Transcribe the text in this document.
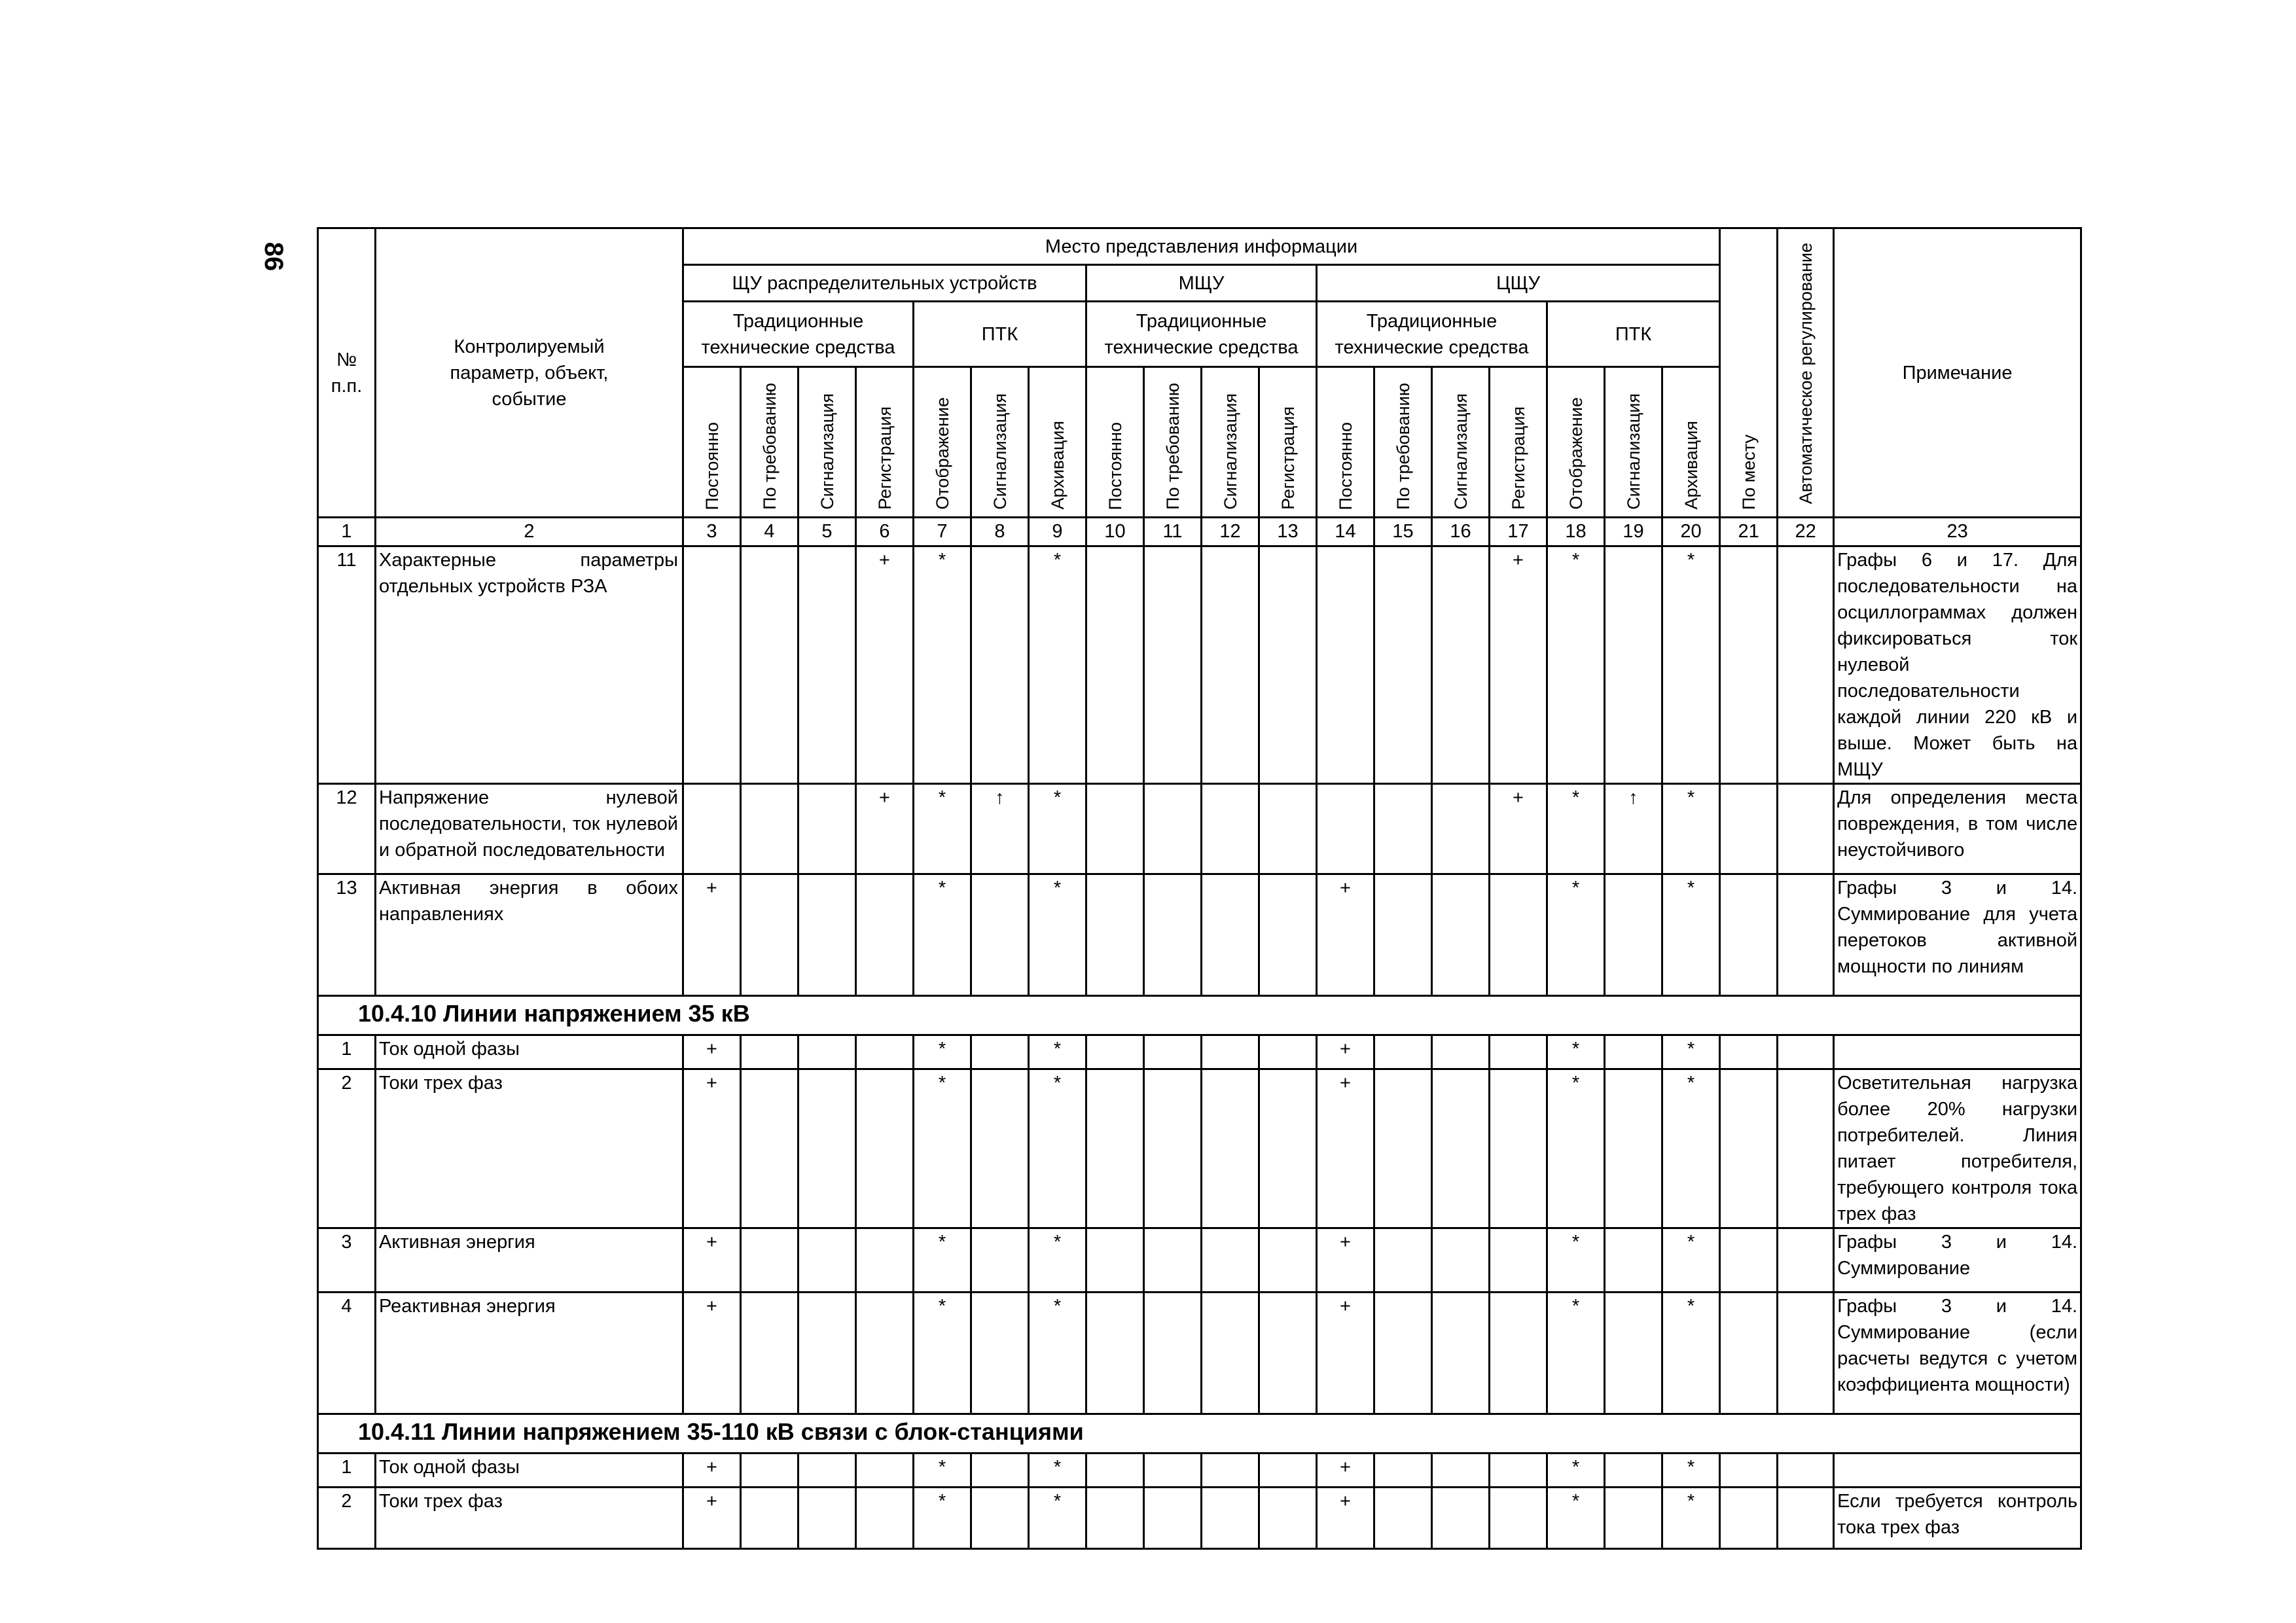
86
№
п.п.	Контролируемый параметр, объект, событие	Место представления информации																		По месту	Автоматическое регулирование	Примечание
		ЩУ распределительных устройств							МЩУ				ЦЩУ									
		Традиционные технические средства				ПТК			Традиционные технические средства				Традиционные технические средства				ПТК					

		Постоянно	По требованию	Сигнализация	Регистрация	Отображение	Сигнализация	Архивация	Постоянно	По требованию	Сигнализация	Регистрация	Постоянно	По требованию	Сигнализация	Регистрация	Отображение	Сигнализация	Архивация			

1	2	3	4	5	6	7	8	9	10	11	12	13	14	15	16	17	18	19	20	21	22	23
11	Характерные параметры отдельных устройств РЗА				+	*		*								+	*		*			Графы 6 и 17. Для последовательности на осциллограммах должен фиксироваться ток нулевой последовательности каждой линии 220 кВ и выше. Может быть на МЩУ
12	Напряжение нулевой последовательности, ток нулевой и обратной последовательности				+	*	↑	*								+	*	↑	*			Для определения места повреждения, в том числе неустойчивого
13	Активная энергия в обоих направлениях	+				*		*					+				*		*			Графы 3 и 14. Суммирование для учета перетоков активной мощности по линиям
10.4.10 Линии напряжением 35 кВ																						
1	Ток одной фазы	+				*		*					+				*		*			
2	Токи трех фаз	+				*		*					+				*		*			Осветительная нагрузка более 20% нагрузки потребителей. Линия питает потребителя, требующего контроля тока трех фаз
3	Активная энергия	+				*		*					+				*		*			Графы 3 и 14. Суммирование
4	Реактивная энергия	+				*		*					+				*		*			Графы 3 и 14. Суммирование (если расчеты ведутся с учетом коэффициента мощности)
10.4.11 Линии напряжением 35-110 кВ связи с блок-станциями																						
1	Ток одной фазы	+				*		*					+				*		*			
2	Токи трех фаз	+				*		*					+				*		*			Если требуется контроль тока трех фаз
